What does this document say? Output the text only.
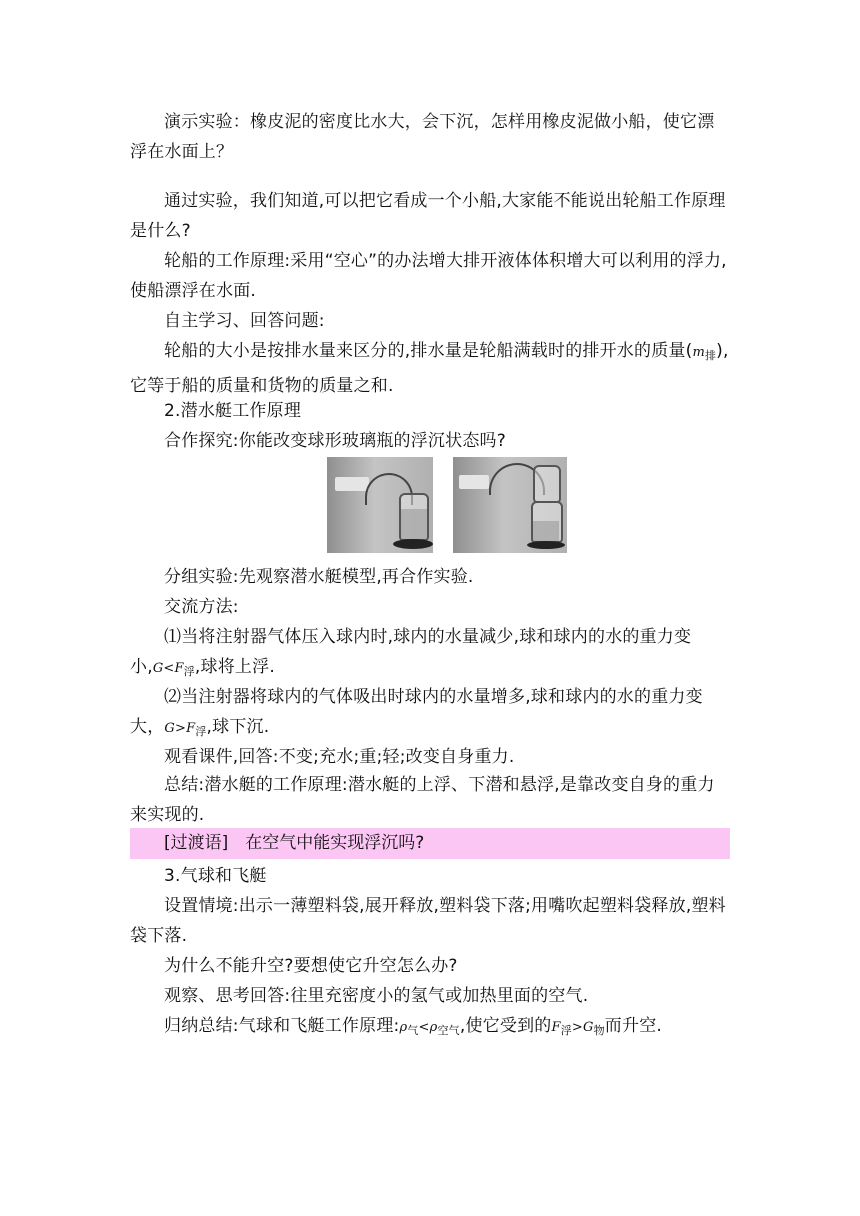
演示实验：橡皮泥的密度比水大，会下沉，怎样用橡皮泥做小船，使它漂浮在水面上？
通过实验，我们知道,可以把它看成一个小船,大家能不能说出轮船工作原理是什么?
轮船的工作原理:采用“空心”的办法增大排开液体体积增大可以利用的浮力,使船漂浮在水面.
自主学习、回答问题:
轮船的大小是按排水量来区分的,排水量是轮船满载时的排开水的质量$(m_排)$,它等于船的质量和货物的质量之和.
2.潜水艇工作原理
合作探究:你能改变球形玻璃瓶的浮沉状态吗?
分组实验:先观察潜水艇模型,再合作实验.
交流方法:
⑴当将注射器气体压入球内时,球内的水量减少,球和球内的水的重力变小$,G<F_浮$,球将上浮.
⑵当注射器将球内的气体吸出时球内的水量增多,球和球内的水的重力变大，$G>F_浮$,球下沉.
观看课件,回答:不变;充水;重;轻;改变自身重力.
总结:潜水艇的工作原理:潜水艇的上浮、下潜和悬浮,是靠改变自身的重力来实现的.
[过渡语]　在空气中能实现浮沉吗?
3.气球和飞艇
设置情境:出示一薄塑料袋,展开释放,塑料袋下落;用嘴吹起塑料袋释放,塑料袋下落.
为什么不能升空?要想使它升空怎么办?
观察、思考回答:往里充密度小的氢气或加热里面的空气.
归纳总结:气球和飞艇工作原理$:\rho_气<\rho_{空气}$,使它受到的$F_浮>G_物$而升空.
